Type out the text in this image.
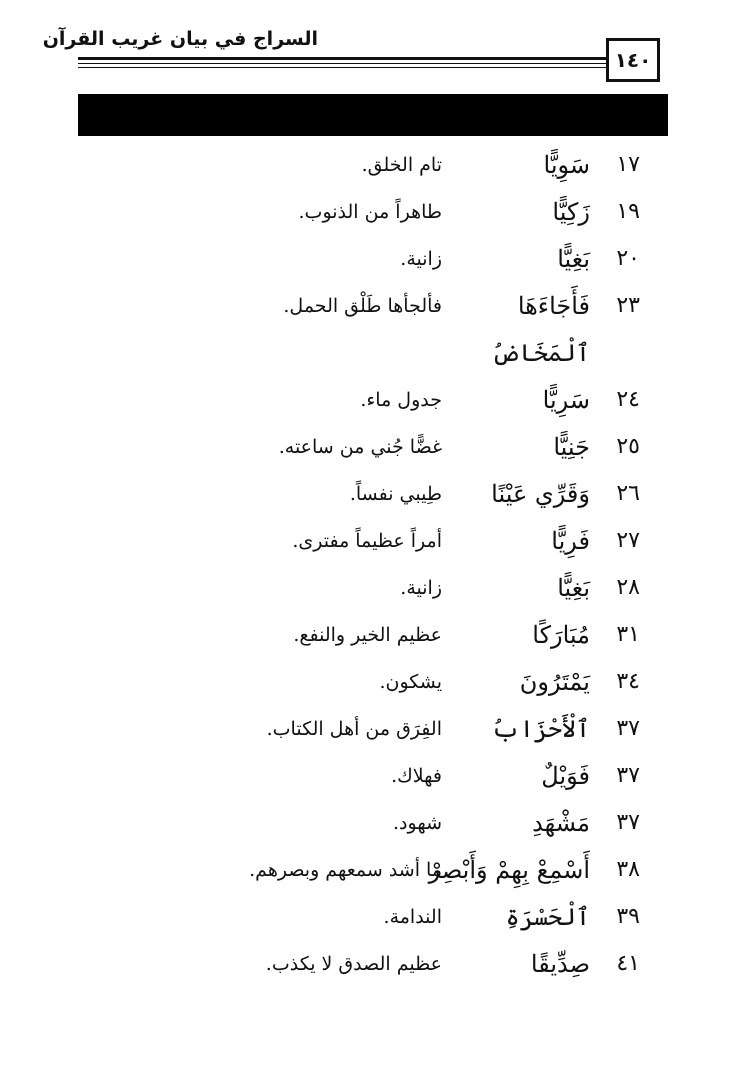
السراج في بيان غريب القرآن
١٤٠
١٧
سَوِيًّا
تام الخلق.
١٩
زَكِيًّا
طاهراً من الذنوب.
٢٠
بَغِيًّا
زانية.
٢٣
فَأَجَاءَهَا
فألجأها طَلْق الحمل.
ٱلْمَخَاضُ
٢٤
سَرِيًّا
جدول ماء.
٢٥
جَنِيًّا
غضًّا جُني من ساعته.
٢٦
وَقَرِّي عَيْنًا
طِيبي نفساً.
٢٧
فَرِيًّا
أمراً عظيماً مفترى.
٢٨
بَغِيًّا
زانية.
٣١
مُبَارَكًا
عظيم الخير والنفع.
٣٤
يَمْتَرُونَ
يشكون.
٣٧
ٱلْأَحْزَابُ
الفِرَق من أهل الكتاب.
٣٧
فَوَيْلٌ
فهلاك.
٣٧
مَشْهَدِ
شهود.
٣٨
أَسْمِعْ بِهِمْ وَأَبْصِرْ
ما أشد سمعهم وبصرهم.
٣٩
ٱلْحَسْرَةِ
الندامة.
٤١
صِدِّيقًا
عظيم الصدق لا يكذب.
